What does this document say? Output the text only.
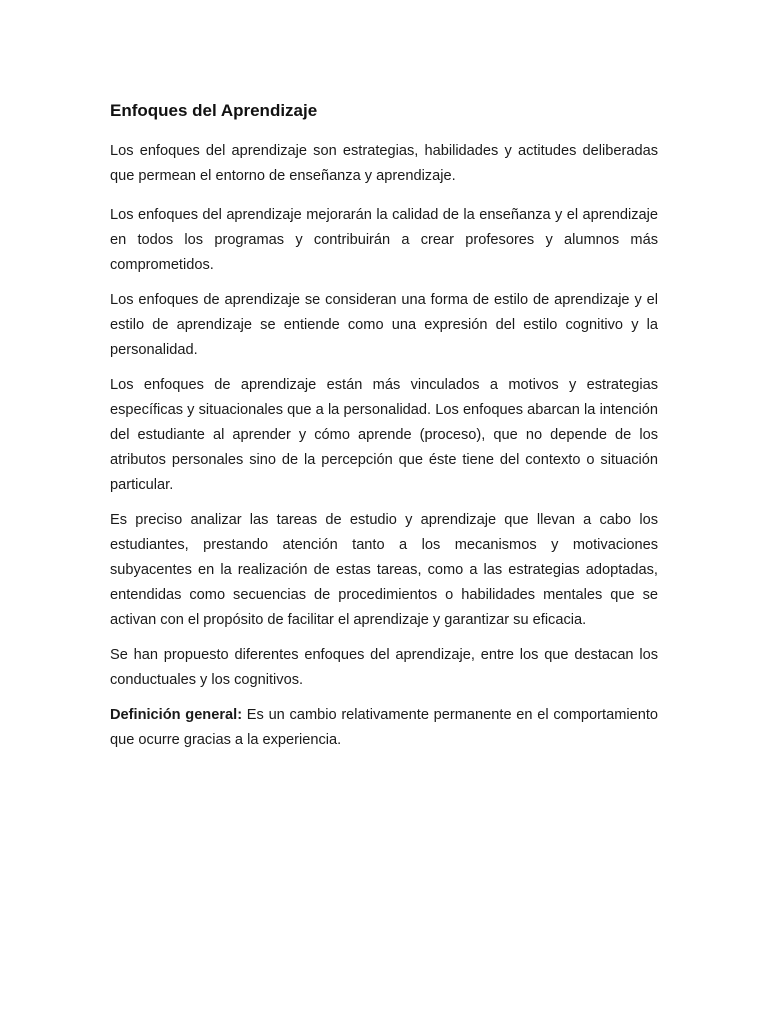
Enfoques del Aprendizaje

Los enfoques del aprendizaje son estrategias, habilidades y actitudes deliberadas que permean el entorno de enseñanza y aprendizaje.

Los enfoques del aprendizaje mejorarán la calidad de la enseñanza y el aprendizaje en todos los programas y contribuirán a crear profesores y alumnos más comprometidos.

Los enfoques de aprendizaje se consideran una forma de estilo de aprendizaje y el estilo de aprendizaje se entiende como una expresión del estilo cognitivo y la personalidad.

Los enfoques de aprendizaje están más vinculados a motivos y estrategias específicas y situacionales que a la personalidad. Los enfoques abarcan la intención del estudiante al aprender y cómo aprende (proceso), que no depende de los atributos personales sino de la percepción que éste tiene del contexto o situación particular.

Es preciso analizar las tareas de estudio y aprendizaje que llevan a cabo los estudiantes, prestando atención tanto a los mecanismos y motivaciones subyacentes en la realización de estas tareas, como a las estrategias adoptadas, entendidas como secuencias de procedimientos o habilidades mentales que se activan con el propósito de facilitar el aprendizaje y garantizar su eficacia.

Se han propuesto diferentes enfoques del aprendizaje, entre los que destacan los conductuales y los cognitivos.

Definición general: Es un cambio relativamente permanente en el comportamiento que ocurre gracias a la experiencia.
